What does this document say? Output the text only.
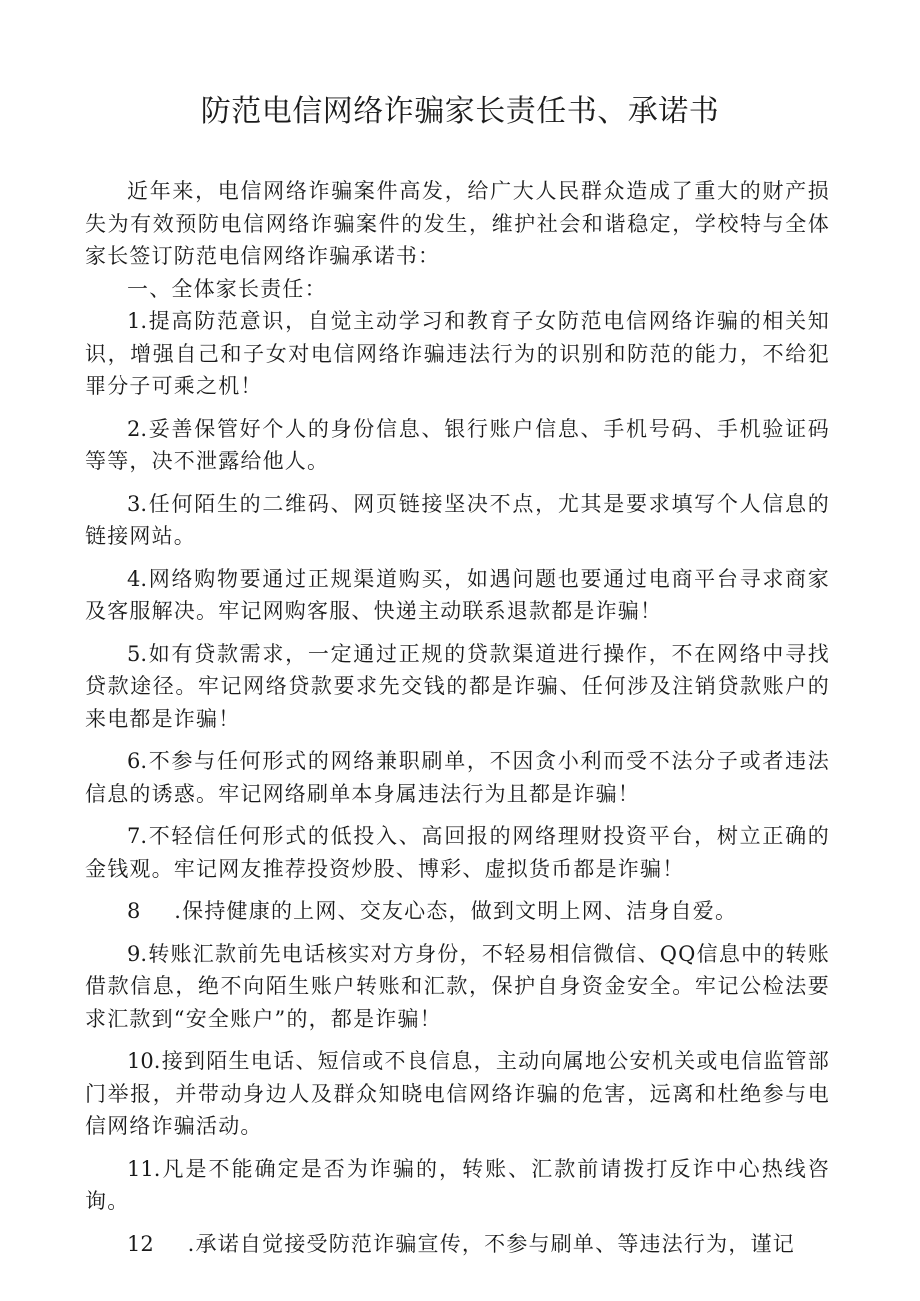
防范电信网络诈骗家长责任书、承诺书

近年来，电信网络诈骗案件高发，给广大人民群众造成了重大的财产损失为有效预防电信网络诈骗案件的发生，维护社会和谐稳定，学校特与全体家长签订防范电信网络诈骗承诺书：

一、全体家长责任：

1.提高防范意识，自觉主动学习和教育子女防范电信网络诈骗的相关知识，增强自己和子女对电信网络诈骗违法行为的识别和防范的能力，不给犯罪分子可乘之机！

2.妥善保管好个人的身份信息、银行账户信息、手机号码、手机验证码等等，决不泄露给他人。

3.任何陌生的二维码、网页链接坚决不点，尤其是要求填写个人信息的链接网站。

4.网络购物要通过正规渠道购买，如遇问题也要通过电商平台寻求商家及客服解决。牢记网购客服、快递主动联系退款都是诈骗！

5.如有贷款需求，一定通过正规的贷款渠道进行操作，不在网络中寻找贷款途径。牢记网络贷款要求先交钱的都是诈骗、任何涉及注销贷款账户的来电都是诈骗！

6.不参与任何形式的网络兼职刷单，不因贪小利而受不法分子或者违法信息的诱惑。牢记网络刷单本身属违法行为且都是诈骗！

7.不轻信任何形式的低投入、高回报的网络理财投资平台，树立正确的金钱观。牢记网友推荐投资炒股、博彩、虚拟货币都是诈骗！

8   .保持健康的上网、交友心态，做到文明上网、洁身自爱。

9.转账汇款前先电话核实对方身份，不轻易相信微信、QQ信息中的转账借款信息，绝不向陌生账户转账和汇款，保护自身资金安全。牢记公检法要求汇款到“安全账户”的，都是诈骗！

10.接到陌生电话、短信或不良信息，主动向属地公安机关或电信监管部门举报，并带动身边人及群众知晓电信网络诈骗的危害，远离和杜绝参与电信网络诈骗活动。

11.凡是不能确定是否为诈骗的，转账、汇款前请拨打反诈中心热线咨询。

12   .承诺自觉接受防范诈骗宣传，不参与刷单、等违法行为，谨记
